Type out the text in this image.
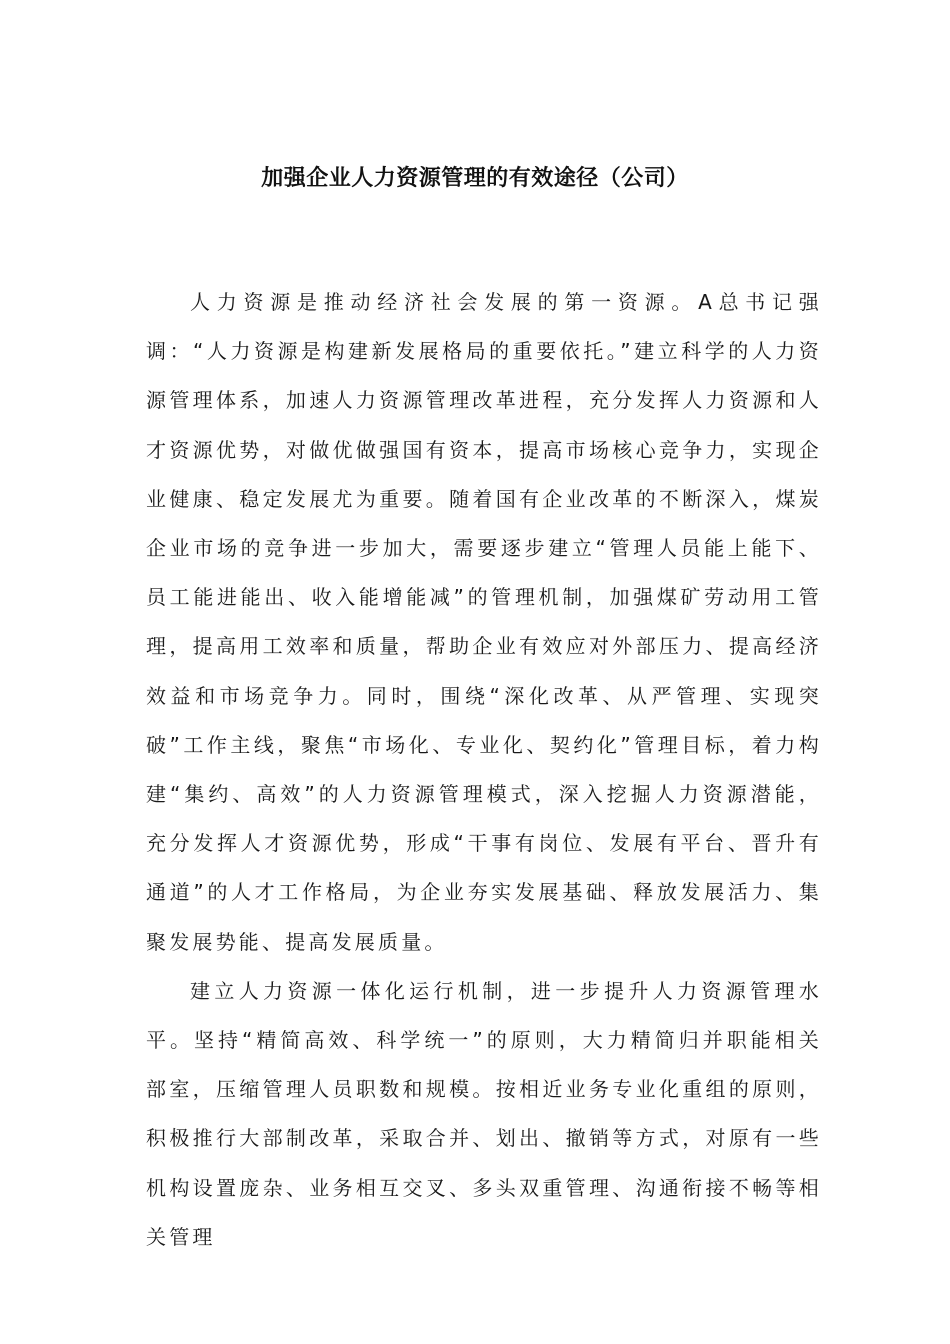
加强企业人力资源管理的有效途径（公司）

人力资源是推动经济社会发展的第一资源。A总书记强调：“人力资源是构建新发展格局的重要依托。”建立科学的人力资源管理体系，加速人力资源管理改革进程，充分发挥人力资源和人才资源优势，对做优做强国有资本，提高市场核心竞争力，实现企业健康、稳定发展尤为重要。随着国有企业改革的不断深入，煤炭企业市场的竞争进一步加大，需要逐步建立“管理人员能上能下、员工能进能出、收入能增能减”的管理机制，加强煤矿劳动用工管理，提高用工效率和质量，帮助企业有效应对外部压力、提高经济效益和市场竞争力。同时，围绕“深化改革、从严管理、实现突破”工作主线，聚焦“市场化、专业化、契约化”管理目标，着力构建“集约、高效”的人力资源管理模式，深入挖掘人力资源潜能，充分发挥人才资源优势，形成“干事有岗位、发展有平台、晋升有通道”的人才工作格局，为企业夯实发展基础、释放发展活力、集聚发展势能、提高发展质量。

建立人力资源一体化运行机制，进一步提升人力资源管理水平。坚持“精简高效、科学统一”的原则，大力精简归并职能相关部室，压缩管理人员职数和规模。按相近业务专业化重组的原则，积极推行大部制改革，采取合并、划出、撤销等方式，对原有一些机构设置庞杂、业务相互交叉、多头双重管理、沟通衔接不畅等相关管理
